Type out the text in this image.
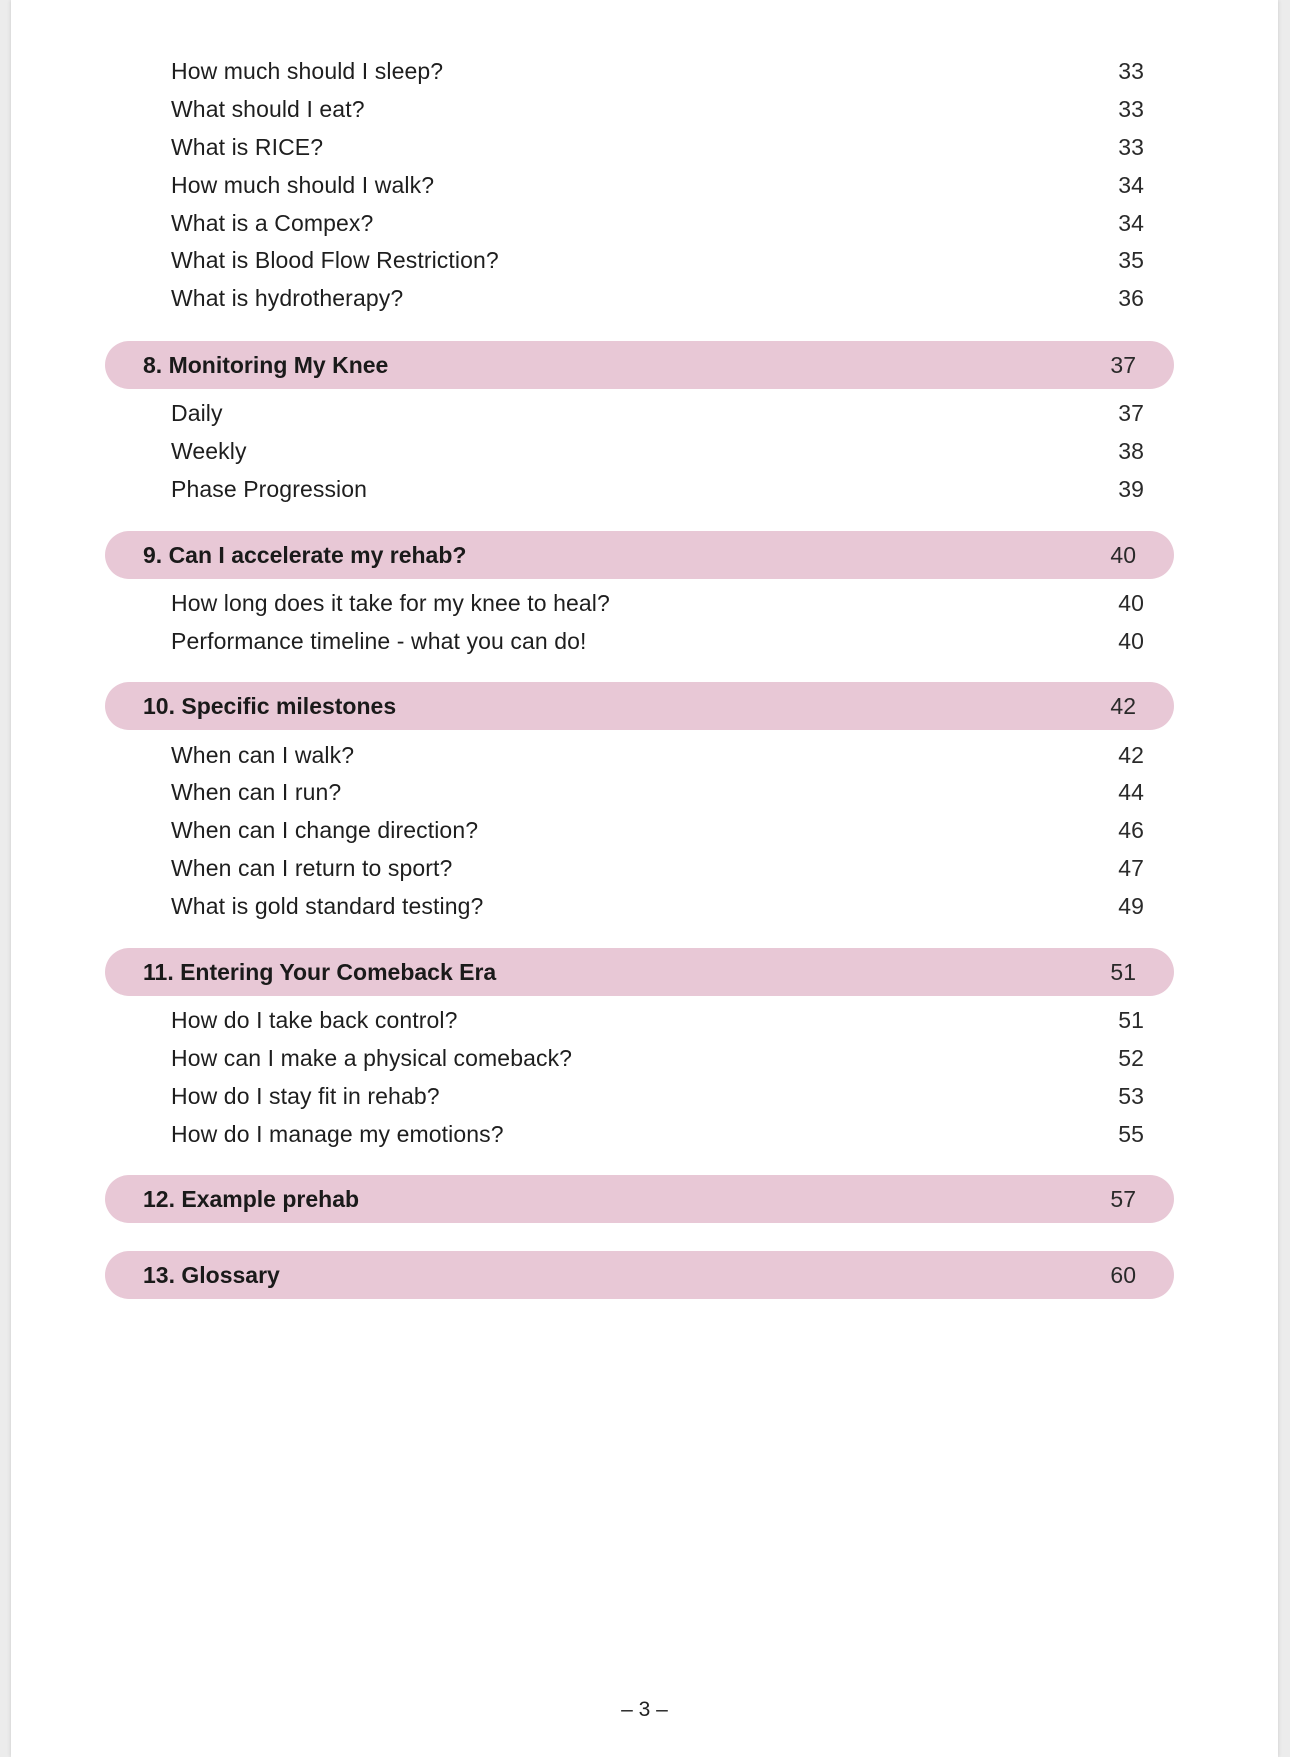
How much should I sleep?	33
What should I eat?	33
What is RICE?	33
How much should I walk?	34
What is a Compex?	34
What is Blood Flow Restriction?	35
What is hydrotherapy?	36
8. Monitoring My Knee	37
Daily	37
Weekly	38
Phase Progression	39
9. Can I accelerate my rehab?	40
How long does it take for my knee to heal?	40
Performance timeline - what you can do!	40
10. Specific milestones	42
When can I walk?	42
When can I run?	44
When can I change direction?	46
When can I return to sport?	47
What is gold standard testing?	49
11. Entering Your Comeback Era	51
How do I take back control?	51
How can I make a physical comeback?	52
How do I stay fit in rehab?	53
How do I manage my emotions?	55
12. Example prehab	57
13. Glossary	60
– 3 –
